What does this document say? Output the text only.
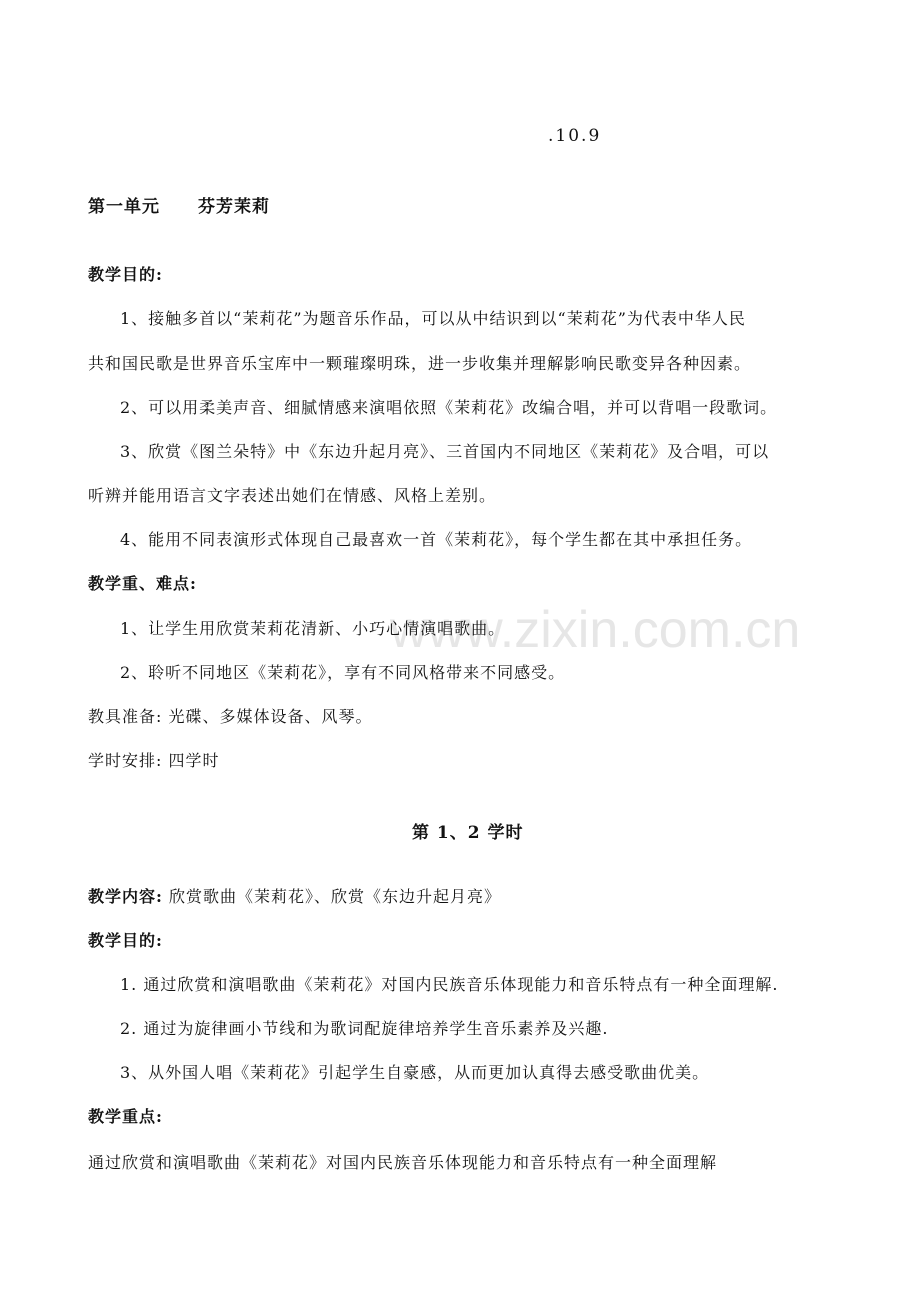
www.zixin.com.cn
.10.9
第一单元 芬芳茉莉
教学目的:
1、接触多首以“茉莉花”为题音乐作品，可以从中结识到以“茉莉花”为代表中华人民
共和国民歌是世界音乐宝库中一颗璀璨明珠，进一步收集并理解影响民歌变异各种因素。
2、可以用柔美声音、细腻情感来演唱依照《茉莉花》改编合唱，并可以背唱一段歌词。
3、欣赏《图兰朵特》中《东边升起月亮》、三首国内不同地区《茉莉花》及合唱，可以
听辨并能用语言文字表述出她们在情感、风格上差别。
4、能用不同表演形式体现自己最喜欢一首《茉莉花》，每个学生都在其中承担任务。
教学重、难点:
1、让学生用欣赏茉莉花清新、小巧心情演唱歌曲。
2、聆听不同地区《茉莉花》，享有不同风格带来不同感受。
教具准备: 光碟、多媒体设备、风琴。
学时安排: 四学时
第 1、2 学时
教学内容: 欣赏歌曲《茉莉花》、欣赏《东边升起月亮》
教学目的:
1. 通过欣赏和演唱歌曲《茉莉花》对国内民族音乐体现能力和音乐特点有一种全面理解.
2. 通过为旋律画小节线和为歌词配旋律培养学生音乐素养及兴趣.
3、从外国人唱《茉莉花》引起学生自豪感，从而更加认真得去感受歌曲优美。
教学重点:
通过欣赏和演唱歌曲《茉莉花》对国内民族音乐体现能力和音乐特点有一种全面理解
